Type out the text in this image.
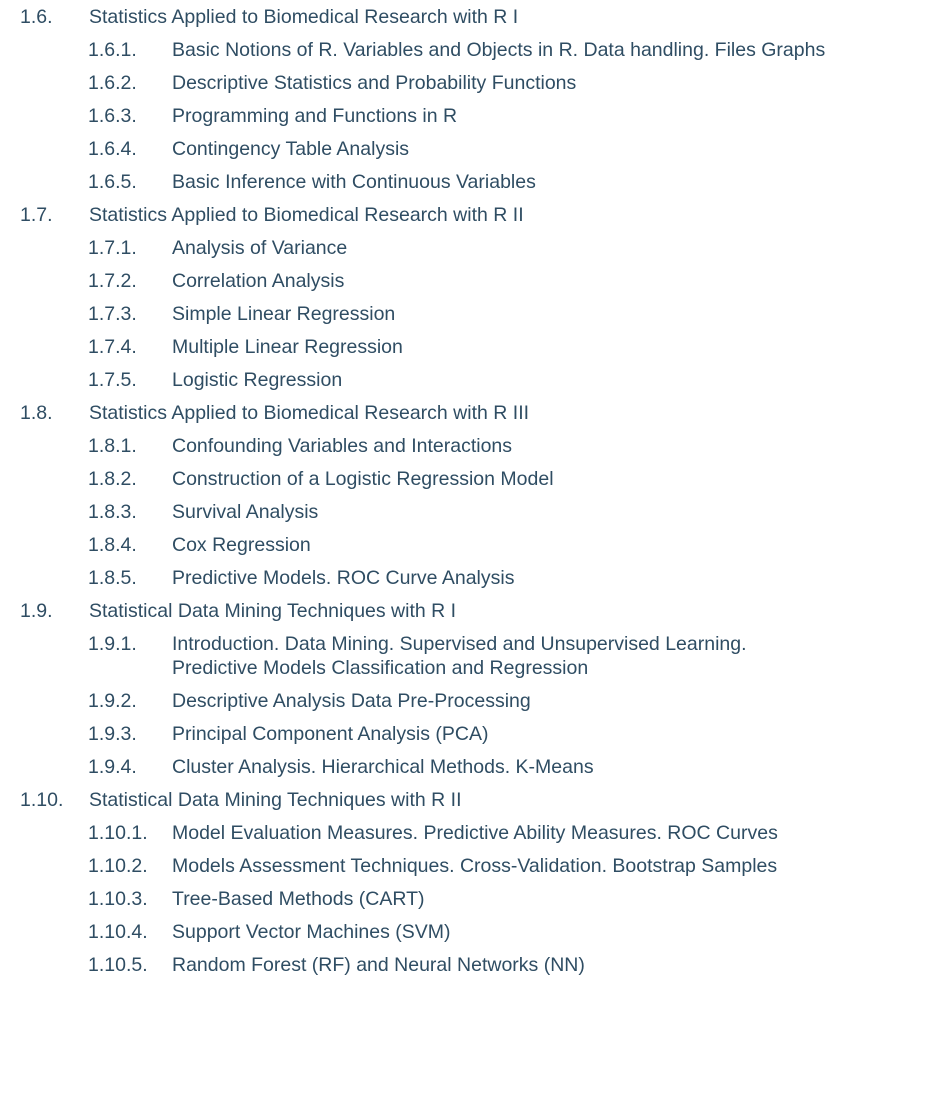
1.6.	Statistics Applied to Biomedical Research with R I
1.6.1.	Basic Notions of R. Variables and Objects in R. Data handling. Files Graphs
1.6.2.	Descriptive Statistics and Probability Functions
1.6.3.	Programming and Functions in R
1.6.4.	Contingency Table Analysis
1.6.5.	Basic Inference with Continuous Variables
1.7.	Statistics Applied to Biomedical Research with R II
1.7.1.	Analysis of Variance
1.7.2.	Correlation Analysis
1.7.3.	Simple Linear Regression
1.7.4.	Multiple Linear Regression
1.7.5.	Logistic Regression
1.8.	Statistics Applied to Biomedical Research with R III
1.8.1.	Confounding Variables and Interactions
1.8.2.	Construction of a Logistic Regression Model
1.8.3.	Survival Analysis
1.8.4.	Cox Regression
1.8.5.	Predictive Models. ROC Curve Analysis
1.9.	Statistical Data Mining Techniques with R I
1.9.1.	Introduction. Data Mining. Supervised and Unsupervised Learning. Predictive Models Classification and Regression
1.9.2.	Descriptive Analysis Data Pre-Processing
1.9.3.	Principal Component Analysis (PCA)
1.9.4.	Cluster Analysis. Hierarchical Methods. K-Means
1.10.	Statistical Data Mining Techniques with R II
1.10.1.	Model Evaluation Measures. Predictive Ability Measures. ROC Curves
1.10.2.	Models Assessment Techniques. Cross-Validation. Bootstrap Samples
1.10.3.	Tree-Based Methods (CART)
1.10.4.	Support Vector Machines (SVM)
1.10.5.	Random Forest (RF) and Neural Networks (NN)
